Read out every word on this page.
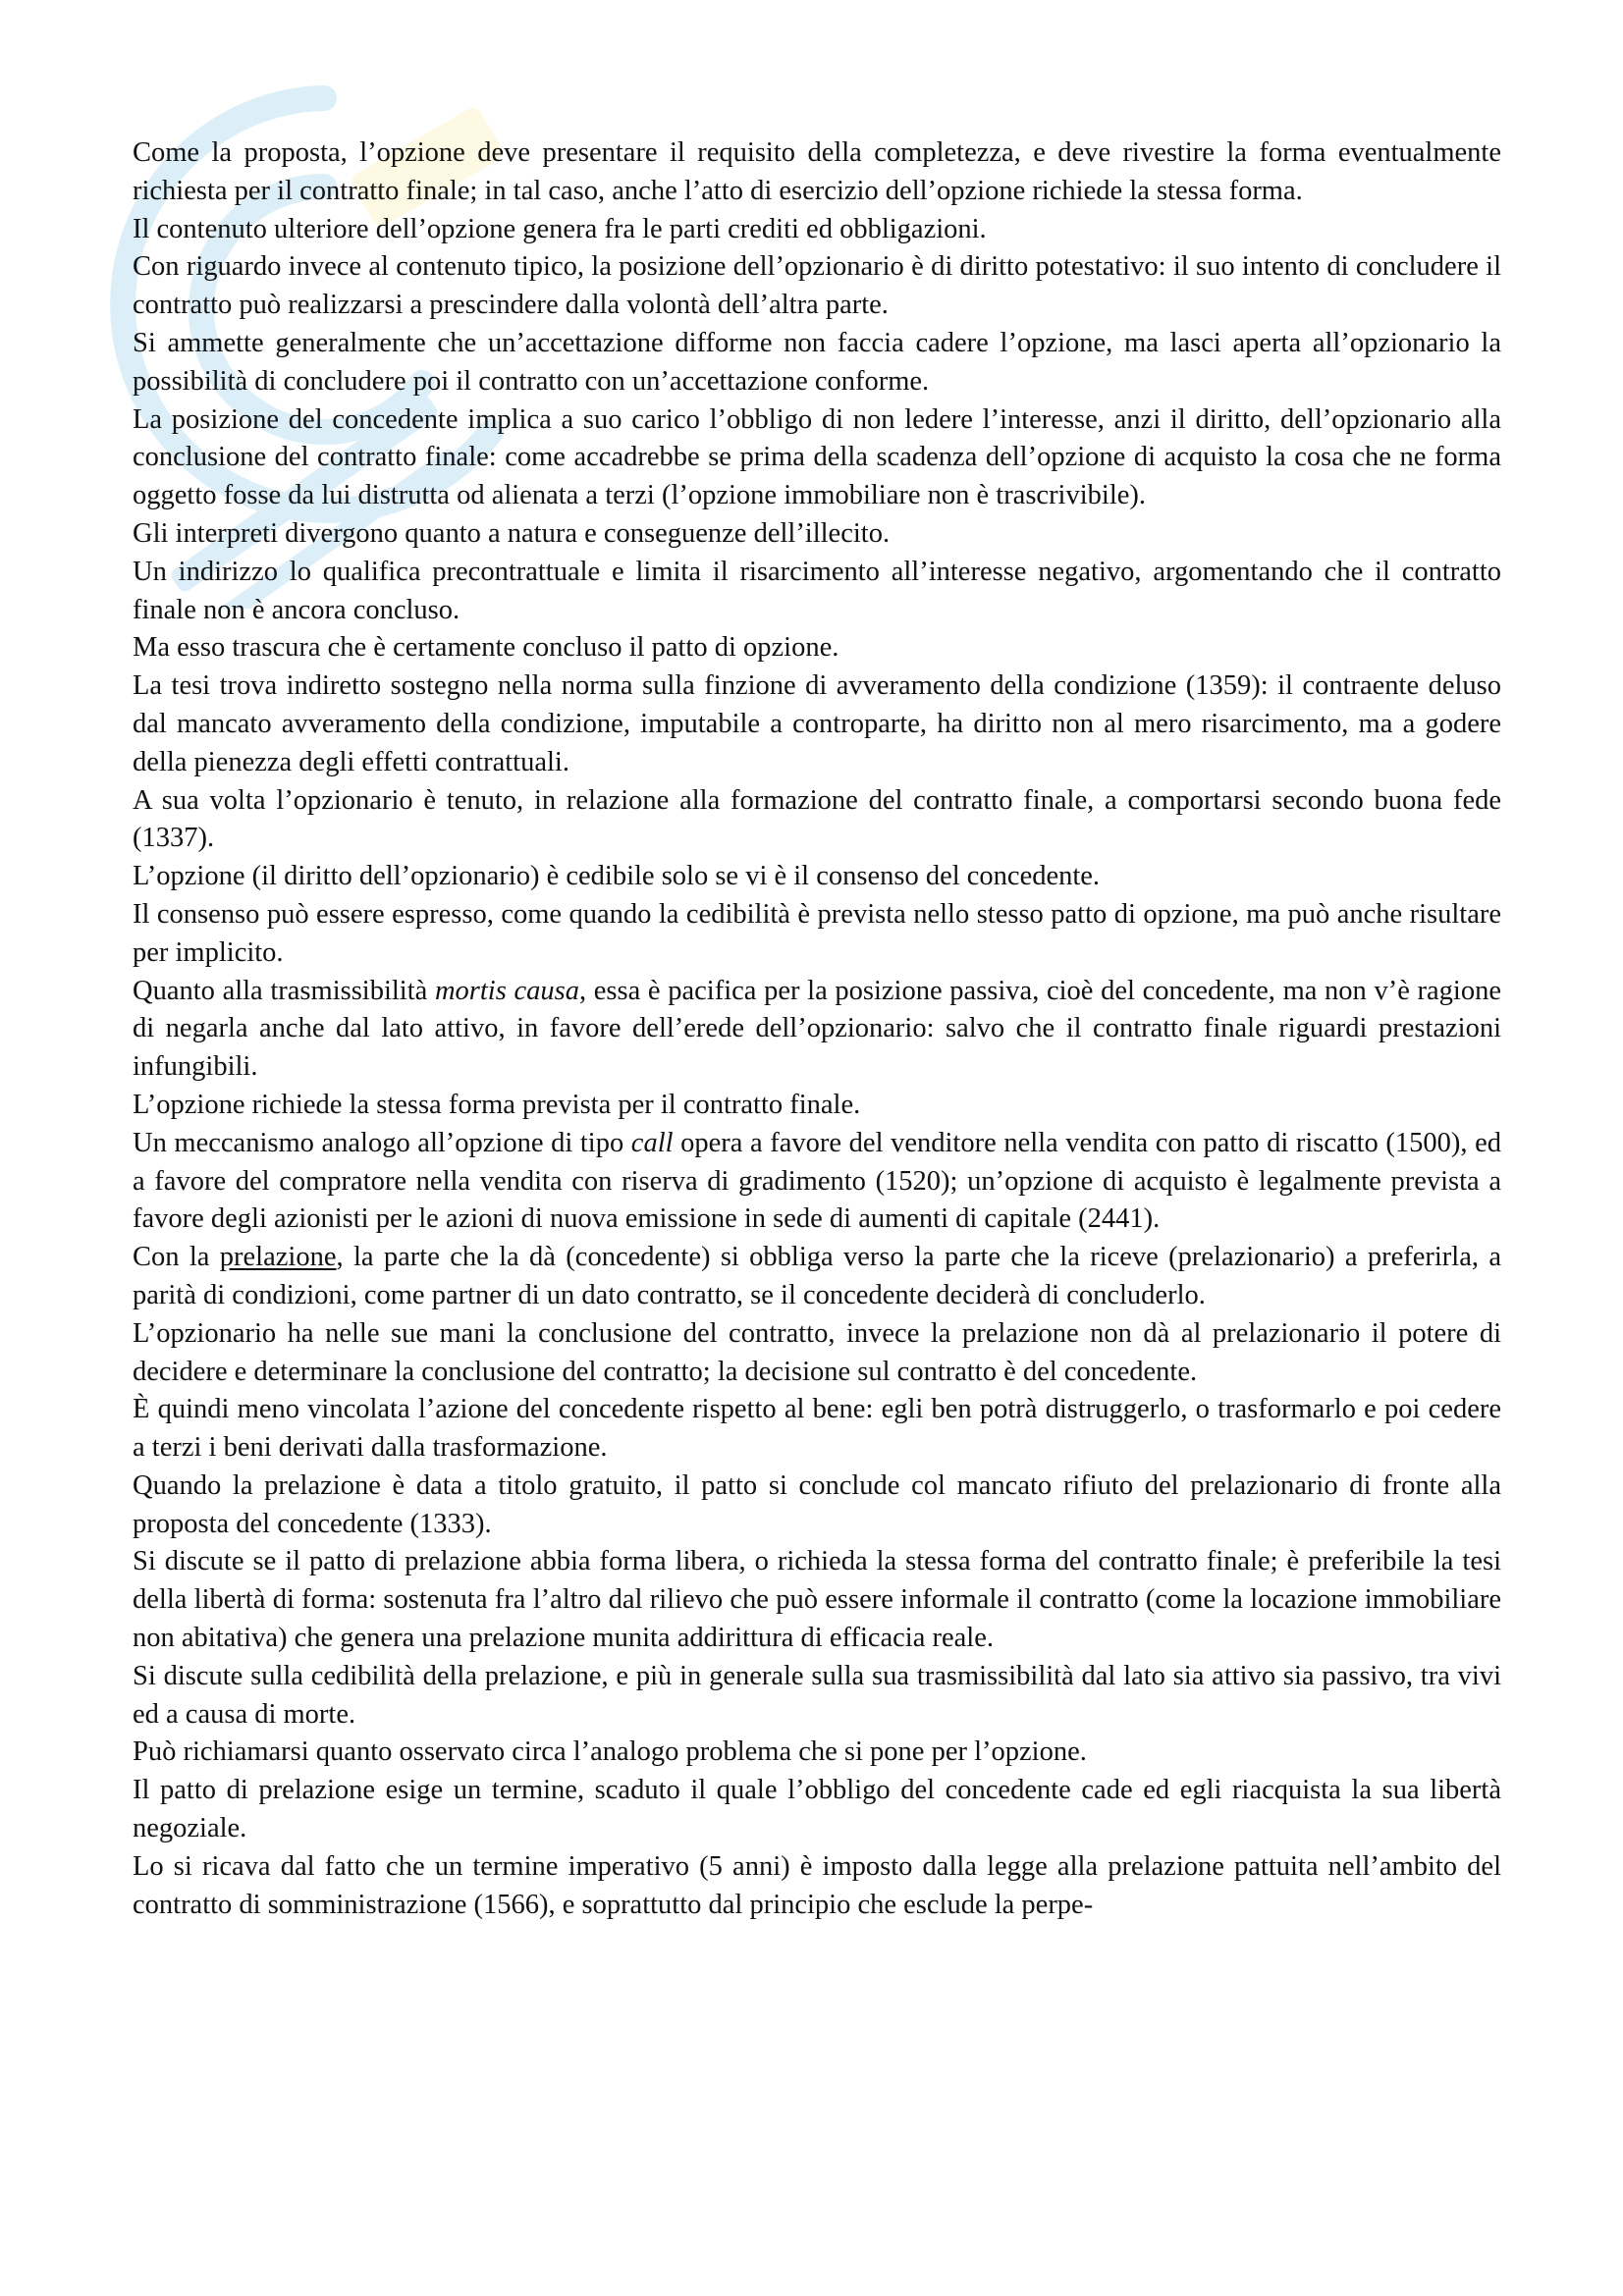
Come la proposta, l’opzione deve presentare il requisito della completezza, e deve rivestire la forma eventualmente richiesta per il contratto finale; in tal caso, anche l’atto di esercizio dell’opzione richiede la stessa forma.

Il contenuto ulteriore dell’opzione genera fra le parti crediti ed obbligazioni.

Con riguardo invece al contenuto tipico, la posizione dell’opzionario è di diritto potestativo: il suo intento di concludere il contratto può realizzarsi a prescindere dalla volontà dell’altra parte.

Si ammette generalmente che un’accettazione difforme non faccia cadere l’opzione, ma lasci aperta all’opzionario la possibilità di concludere poi il contratto con un’accettazione conforme.

La posizione del concedente implica a suo carico l’obbligo di non ledere l’interesse, anzi il diritto, dell’opzionario alla conclusione del contratto finale: come accadrebbe se prima della scadenza dell’opzione di acquisto la cosa che ne forma oggetto fosse da lui distrutta od alienata a terzi (l’opzione immobiliare non è trascrivibile).

Gli interpreti divergono quanto a natura e conseguenze dell’illecito.

Un indirizzo lo qualifica precontrattuale e limita il risarcimento all’interesse negativo, argomentando che il contratto finale non è ancora concluso.

Ma esso trascura che è certamente concluso il patto di opzione.

La tesi trova indiretto sostegno nella norma sulla finzione di avveramento della condizione (1359): il contraente deluso dal mancato avveramento della condizione, imputabile a controparte, ha diritto non al mero risarcimento, ma a godere della pienezza degli effetti contrattuali.

A sua volta l’opzionario è tenuto, in relazione alla formazione del contratto finale, a comportarsi secondo buona fede (1337).

L’opzione (il diritto dell’opzionario) è cedibile solo se vi è il consenso del concedente.

Il consenso può essere espresso, come quando la cedibilità è prevista nello stesso patto di opzione, ma può anche risultare per implicito.

Quanto alla trasmissibilità mortis causa, essa è pacifica per la posizione passiva, cioè del concedente, ma non v’è ragione di negarla anche dal lato attivo, in favore dell’erede dell’opzionario: salvo che il contratto finale riguardi prestazioni infungibili.

L’opzione richiede la stessa forma prevista per il contratto finale.

Un meccanismo analogo all’opzione di tipo call opera a favore del venditore nella vendita con patto di riscatto (1500), ed a favore del compratore nella vendita con riserva di gradimento (1520); un’opzione di acquisto è legalmente prevista a favore degli azionisti per le azioni di nuova emissione in sede di aumenti di capitale (2441).

Con la prelazione, la parte che la dà (concedente) si obbliga verso la parte che la riceve (prelazionario) a preferirla, a parità di condizioni, come partner di un dato contratto, se il concedente deciderà di concluderlo.

L’opzionario ha nelle sue mani la conclusione del contratto, invece la prelazione non dà al prelazionario il potere di decidere e determinare la conclusione del contratto; la decisione sul contratto è del concedente.

È quindi meno vincolata l’azione del concedente rispetto al bene: egli ben potrà distruggerlo, o trasformarlo e poi cedere a terzi i beni derivati dalla trasformazione.

Quando la prelazione è data a titolo gratuito, il patto si conclude col mancato rifiuto del prelazionario di fronte alla proposta del concedente (1333).

Si discute se il patto di prelazione abbia forma libera, o richieda la stessa forma del contratto finale; è preferibile la tesi della libertà di forma: sostenuta fra l’altro dal rilievo che può essere informale il contratto (come la locazione immobiliare non abitativa) che genera una prelazione munita addirittura di efficacia reale.

Si discute sulla cedibilità della prelazione, e più in generale sulla sua trasmissibilità dal lato sia attivo sia passivo, tra vivi ed a causa di morte.

Può richiamarsi quanto osservato circa l’analogo problema che si pone per l’opzione.

Il patto di prelazione esige un termine, scaduto il quale l’obbligo del concedente cade ed egli riacquista la sua libertà negoziale.

Lo si ricava dal fatto che un termine imperativo (5 anni) è imposto dalla legge alla prelazione pattuita nell’ambito del contratto di somministrazione (1566), e soprattutto dal principio che esclude la perpe-
